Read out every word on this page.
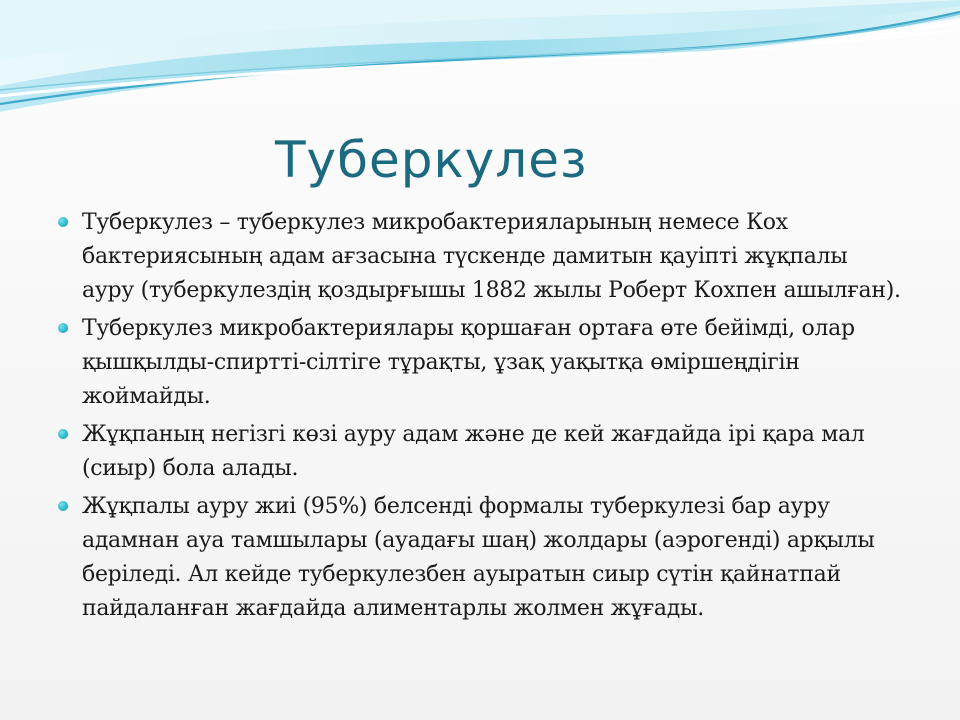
Туберкулез
Туберкулез – туберкулез микробактерияларының немесе Кох бактериясының адам ағзасына түскенде дамитын қауіпті жұқпалы ауру (туберкулездің қоздырғышы 1882 жылы Роберт Кохпен ашылған).
Туберкулез микробактериялары қоршаған ортаға өте бейімді, олар қышқылды-спиртті-сілтіге тұрақты, ұзақ уақытқа өміршеңдігін жоймайды.
Жұқпаның негізгі көзі ауру адам және де кей жағдайда ірі қара мал (сиыр) бола алады.
Жұқпалы ауру жиі (95%) белсенді формалы туберкулезі бар ауру адамнан ауа тамшылары (ауадағы шаң) жолдары (аэрогенді) арқылы беріледі. Ал кейде туберкулезбен ауыратын сиыр сүтін қайнатпай пайдаланған жағдайда алиментарлы жолмен жұғады.
